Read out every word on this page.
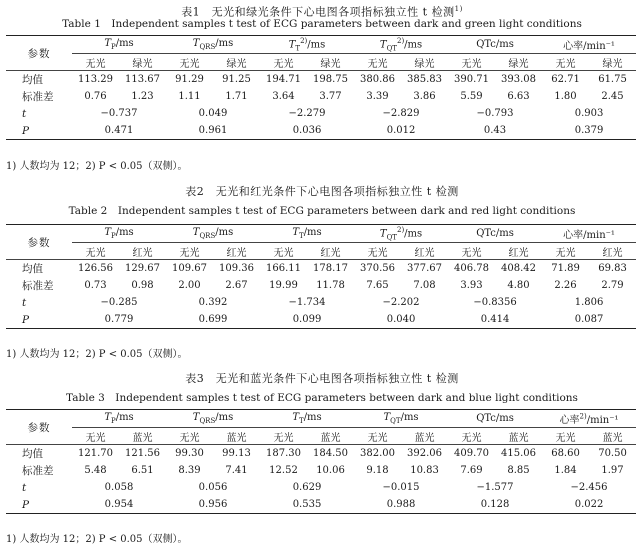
表1　无光和绿光条件下心电图各项指标独立性 t 检测$^{1)}$
Table 1　Independent samples t test of ECG parameters between dark and green light conditions
参数	$T_P/ms$		$T_{QRS}/ms$		$T_T^{2)}/ms$		$T_{QT}^{2)}/ms$		QTc/ms		心率/min⁻¹	
	无光	绿光	无光	绿光	无光	绿光	无光	绿光	无光	绿光	无光	绿光
均值	113.29	113.67	91.29	91.25	194.71	198.75	380.86	385.83	390.71	393.08	62.71	61.75
标准差	0.76	1.23	1.11	1.71	3.64	3.77	3.39	3.86	5.59	6.63	1.80	2.45
t	−0.737		0.049		−2.279		−2.829		−0.793		0.903	
P	0.471		0.961		0.036		0.012		0.43		0.379	
1) 人数均为 12；2) P < 0.05（双侧）。
表2　无光和红光条件下心电图各项指标独立性 t 检测
Table 2　Independent samples t test of ECG parameters between dark and red light conditions
参数	$T_P/ms$		$T_{QRS}/ms$		$T_T/ms$		$T_{QT}^{2)}/ms$		QTc/ms		心率/min⁻¹	
	无光	红光	无光	红光	无光	红光	无光	红光	无光	红光	无光	红光
均值	126.56	129.67	109.67	109.36	166.11	178.17	370.56	377.67	406.78	408.42	71.89	69.83
标准差	0.73	0.98	2.00	2.67	19.99	11.78	7.65	7.08	3.93	4.80	2.26	2.79
t	−0.285		0.392		−1.734		−2.202		−0.8356		1.806	
P	0.779		0.699		0.099		0.040		0.414		0.087	
1) 人数均为 12；2) P < 0.05（双侧）。
表3　无光和蓝光条件下心电图各项指标独立性 t 检测
Table 3　Independent samples t test of ECG parameters between dark and blue light conditions
参数	$T_P/ms$		$T_{QRS}/ms$		$T_T/ms$		$T_{QT}/ms$		QTc/ms		心率$^{2)}$/min⁻¹	
	无光	蓝光	无光	蓝光	无光	蓝光	无光	蓝光	无光	蓝光	无光	蓝光
均值	121.70	121.56	99.30	99.13	187.30	184.50	382.00	392.06	409.70	415.06	68.60	70.50
标准差	5.48	6.51	8.39	7.41	12.52	10.06	9.18	10.83	7.69	8.85	1.84	1.97
t	0.058		0.056		0.629		−0.015		−1.577		−2.456	
P	0.954		0.956		0.535		0.988		0.128		0.022	
1) 人数均为 12；2) P < 0.05（双侧）。
